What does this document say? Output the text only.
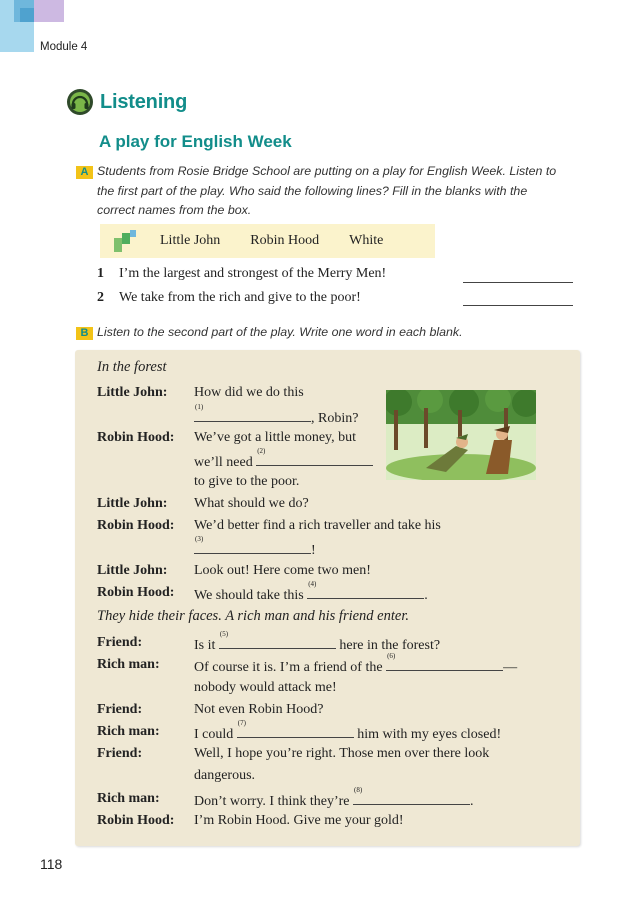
Module 4
Listening
A play for English Week
A Students from Rosie Bridge School are putting on a play for English Week. Listen to
the first part of the play. Who said the following lines? Fill in the blanks with the
correct names from the box.
Little John Robin Hood White
1 I’m the largest and strongest of the Merry Men!
2 We take from the rich and give to the poor!
B Listen to the second part of the play. Write one word in each blank.
In the forest
Little John: How did we do this
(1)
, Robin?
Robin Hood: We’ve got a little money, but
we’ll need
(2)
to give to the poor.
Little John: What should we do?
Robin Hood: We’d better find a rich traveller and take his
(3)
!
Little John: Look out! Here come two men!
Robin Hood: We should take this
(4)
.
They hide their faces. A rich man and his friend enter.
Friend:	Is it
(5)
here in the forest?
Rich man: Of course it is. I’m a friend of the
(6)
—
nobody would attack me!
Friend:	Not even Robin Hood?
Rich man: I could
(7)
him with my eyes closed!
Friend:	Well, I hope you’re right. Those men over there look
dangerous.
Rich man: Don’t worry. I think they’re
(8)
.
Robin Hood: I’m Robin Hood. Give me your gold!
118
